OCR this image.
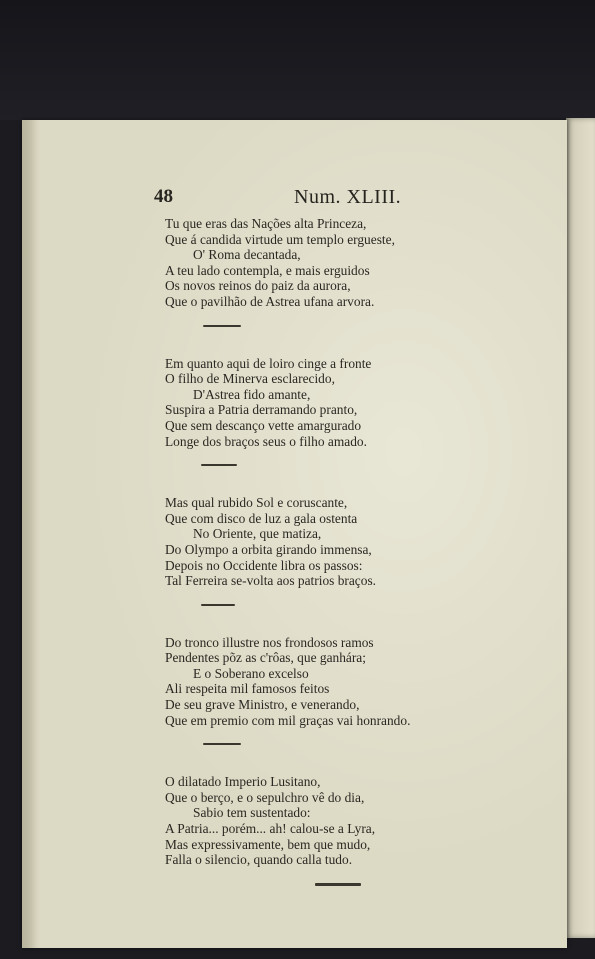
48	Num. XLIII.
Tu que eras das Nações alta Princeza,
Que á candida virtude um templo ergueste,
O' Roma decantada,
A teu lado contempla, e mais erguidos
Os novos reinos do paiz da aurora,
Que o pavilhão de Astrea ufana arvora.
Em quanto aqui de loiro cinge a fronte
O filho de Minerva esclarecido,
D'Astrea fido amante,
Suspira a Patria derramando pranto,
Que sem descanço vette amargurado
Longe dos braços seus o filho amado.
Mas qual rubido Sol e coruscante,
Que com disco de luz a gala ostenta
No Oriente, que matiza,
Do Olympo a orbita girando immensa,
Depois no Occidente libra os passos:
Tal Ferreira se-volta aos patrios braços.
Do tronco illustre nos frondosos ramos
Pendentes põz as c'rôas, que ganhára;
E o Soberano excelso
Ali respeita mil famosos feitos
De seu grave Ministro, e venerando,
Que em premio com mil graças vai honrando.
O dilatado Imperio Lusitano,
Que o berço, e o sepulchro vê do dia,
Sabio tem sustentado:
A Patria... porém... ah! calou-se a Lyra,
Mas expressivamente, bem que mudo,
Falla o silencio, quando calla tudo.
